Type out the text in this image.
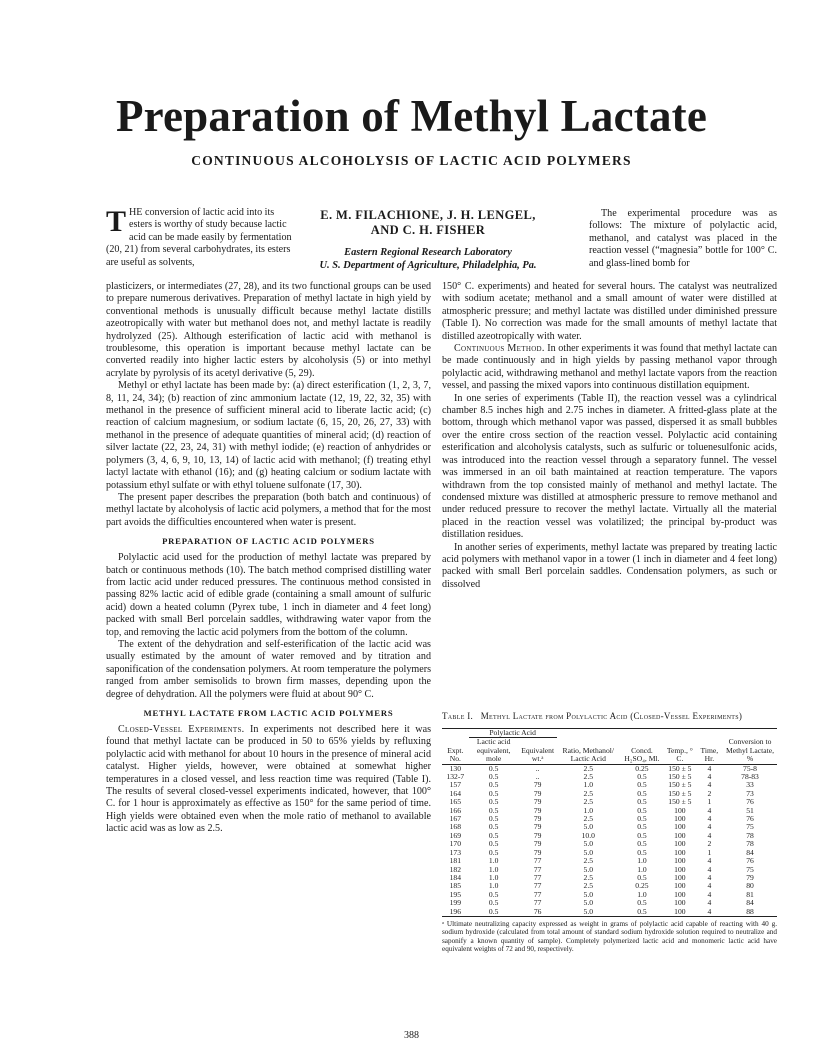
Preparation of Methyl Lactate
CONTINUOUS ALCOHOLYSIS OF LACTIC ACID POLYMERS

THE conversion of lactic acid into its esters is worthy of study because lactic acid can be made easily by fermentation (20, 21) from several carbohydrates, its esters are useful as solvents,

E. M. FILACHIONE, J. H. LENGEL,
AND C. H. FISHER
Eastern Regional Research Laboratory
U. S. Department of Agriculture, Philadelphia, Pa.

The experimental procedure was as follows: The mixture of polylactic acid, methanol, and catalyst was placed in the reaction vessel (“magnesia” bottle for 100° C. and glass-lined bomb for

plasticizers, or intermediates (27, 28), and its two functional groups can be used to prepare numerous derivatives. Preparation of methyl lactate in high yield by conventional methods is unusually difficult because methyl lactate distills azeotropically with water but methanol does not, and methyl lactate is readily hydrolyzed (25). Although esterification of lactic acid with methanol is troublesome, this operation is important because methyl lactate can be converted readily into higher lactic esters by alcoholysis (5) or into methyl acrylate by pyrolysis of its acetyl derivative (5, 29).

Methyl or ethyl lactate has been made by: (a) direct esterification (1, 2, 3, 7, 8, 11, 24, 34); (b) reaction of zinc ammonium lactate (12, 19, 22, 32, 35) with methanol in the presence of sufficient mineral acid to liberate lactic acid; (c) reaction of calcium magnesium, or sodium lactate (6, 15, 20, 26, 27, 33) with methanol in the presence of adequate quantities of mineral acid; (d) reaction of silver lactate (22, 23, 24, 31) with methyl iodide; (e) reaction of anhydrides or polymers (3, 4, 6, 9, 10, 13, 14) of lactic acid with methanol; (f) treating ethyl lactyl lactate with ethanol (16); and (g) heating calcium or sodium lactate with potassium ethyl sulfate or with ethyl toluene sulfonate (17, 30).

The present paper describes the preparation (both batch and continuous) of methyl lactate by alcoholysis of lactic acid polymers, a method that for the most part avoids the difficulties encountered when water is present.

PREPARATION OF LACTIC ACID POLYMERS

Polylactic acid used for the production of methyl lactate was prepared by batch or continuous methods (10). The batch method comprised distilling water from lactic acid under reduced pressures. The continuous method consisted in passing 82% lactic acid of edible grade (containing a small amount of sulfuric acid) down a heated column (Pyrex tube, 1 inch in diameter and 4 feet long) packed with small Berl porcelain saddles, withdrawing water vapor from the top, and removing the lactic acid polymers from the bottom of the column.

The extent of the dehydration and self-esterification of the lactic acid was usually estimated by the amount of water removed and by titration and saponification of the condensation polymers. At room temperature the polymers ranged from amber semisolids to brown firm masses, depending upon the degree of dehydration. All the polymers were fluid at about 90° C.

METHYL LACTATE FROM LACTIC ACID POLYMERS

Closed-Vessel Experiments. In experiments not described here it was found that methyl lactate can be produced in 50 to 65% yields by refluxing polylactic acid with methanol for about 10 hours in the presence of mineral acid catalyst. Higher yields, however, were obtained at somewhat higher temperatures in a closed vessel, and less reaction time was required (Table I). The results of several closed-vessel experiments indicated, however, that 100° C. for 1 hour is approximately as effective as 150° for the same period of time. High yields were obtained even when the mole ratio of methanol to available lactic acid was as low as 2.5.

150° C. experiments) and heated for several hours. The catalyst was neutralized with sodium acetate; methanol and a small amount of water were distilled at atmospheric pressure; and methyl lactate was distilled under diminished pressure (Table I). No correction was made for the small amounts of methyl lactate that distilled azeotropically with water.

Continuous Method. In other experiments it was found that methyl lactate can be made continuously and in high yields by passing methanol vapor through polylactic acid, withdrawing methanol and methyl lactate vapors from the reaction vessel, and passing the mixed vapors into continuous distillation equipment.

In one series of experiments (Table II), the reaction vessel was a cylindrical chamber 8.5 inches high and 2.75 inches in diameter. A fritted-glass plate at the bottom, through which methanol vapor was passed, dispersed it as small bubbles over the entire cross section of the reaction vessel. Polylactic acid containing esterification and alcoholysis catalysts, such as sulfuric or toluenesulfonic acids, was introduced into the reaction vessel through a separatory funnel. The vessel was immersed in an oil bath maintained at reaction temperature. The vapors withdrawn from the top consisted mainly of methanol and methyl lactate. The condensed mixture was distilled at atmospheric pressure to remove methanol and under reduced pressure to recover the methyl lactate. Virtually all the material placed in the reaction vessel was volatilized; the principal by-product was distillation residues.

In another series of experiments, methyl lactate was prepared by treating lactic acid polymers with methanol vapor in a tower (1 inch in diameter and 4 feet long) packed with small Berl porcelain saddles. Condensation polymers, as such or dissolved

Table I. Methyl Lactate from Polylactic Acid (Closed-Vessel Experiments)
Expt. No.	Polylactic Acid		Ratio, Methanol/ Lactic Acid	Concd. H₂SO₄, Ml.	Temp., ° C.	Time, Hr.	Conversion to Methyl Lactate, %
	Lactic acid equivalent, mole	Equivalent wt.ᵃ					
130	0.5	..	2.5	0.25	150 ± 5	4	75-8
132-7	0.5	..	2.5	0.5	150 ± 5	4	78-83
157	0.5	79	1.0	0.5	150 ± 5	4	33
164	0.5	79	2.5	0.5	150 ± 5	2	73
165	0.5	79	2.5	0.5	150 ± 5	1	76
166	0.5	79	1.0	0.5	100	4	51
167	0.5	79	2.5	0.5	100	4	76
168	0.5	79	5.0	0.5	100	4	75
169	0.5	79	10.0	0.5	100	4	78
170	0.5	79	5.0	0.5	100	2	78
173	0.5	79	5.0	0.5	100	1	84
181	1.0	77	2.5	1.0	100	4	76
182	1.0	77	5.0	1.0	100	4	75
184	1.0	77	2.5	0.5	100	4	79
185	1.0	77	2.5	0.25	100	4	80
195	0.5	77	5.0	1.0	100	4	81
199	0.5	77	5.0	0.5	100	4	84
196	0.5	76	5.0	0.5	100	4	88
ᵃ Ultimate neutralizing capacity expressed as weight in grams of polylactic acid capable of reacting with 40 g. sodium hydroxide (calculated from total amount of standard sodium hydroxide solution required to neutralize and saponify a known quantity of sample). Completely polymerized lactic acid and monomeric lactic acid have equivalent weights of 72 and 90, respectively.
388
